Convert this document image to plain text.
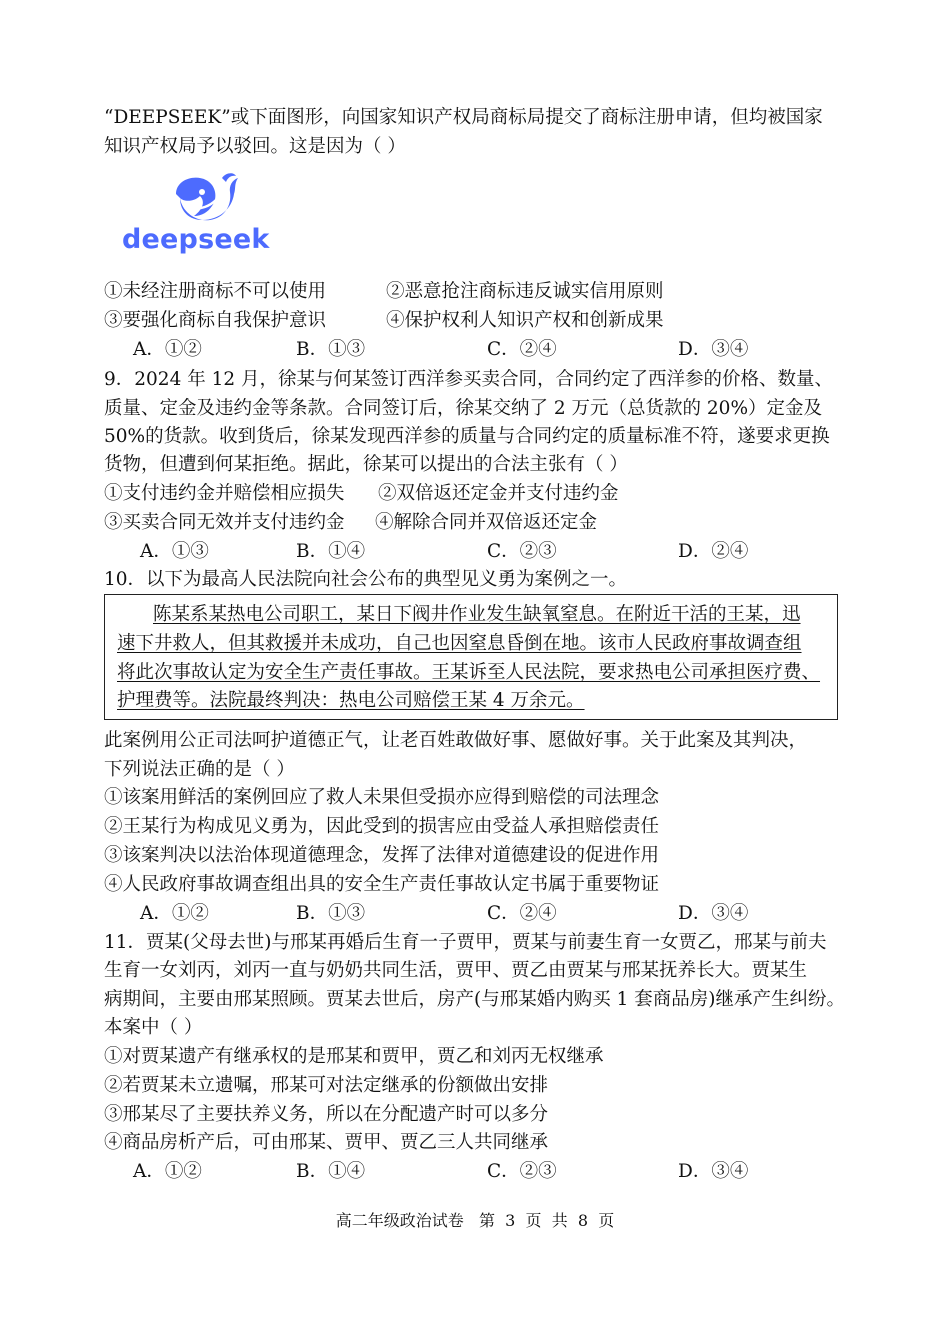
“DEEPSEEK”或下面图形，向国家知识产权局商标局提交了商标注册申请，但均被国家
知识产权局予以驳回。这是因为（ ）
deepseek
①未经注册商标不可以使用	②恶意抢注商标违反诚实信用原则
③要强化商标自我保护意识	④保护权利人知识产权和创新成果
A．①②	B．①③	C．②④	D．③④
9．2024 年 12 月，徐某与何某签订西洋参买卖合同，合同约定了西洋参的价格、数量、
质量、定金及违约金等条款。合同签订后，徐某交纳了 2 万元（总货款的 20%）定金及
50%的货款。收到货后，徐某发现西洋参的质量与合同约定的质量标准不符，遂要求更换
货物，但遭到何某拒绝。据此，徐某可以提出的合法主张有（ ）
①支付违约金并赔偿相应损失 ②双倍返还定金并支付违约金
③买卖合同无效并支付违约金 ④解除合同并双倍返还定金
A．①③	B．①④	C．②③	D．②④
10．以下为最高人民法院向社会公布的典型见义勇为案例之一。
陈某系某热电公司职工，某日下阀井作业发生缺氧窒息。在附近干活的王某，迅
速下井救人，但其救援并未成功，自己也因窒息昏倒在地。该市人民政府事故调查组
将此次事故认定为安全生产责任事故。王某诉至人民法院，要求热电公司承担医疗费、
护理费等。法院最终判决：热电公司赔偿王某 4 万余元。
此案例用公正司法呵护道德正气，让老百姓敢做好事、愿做好事。关于此案及其判决，
下列说法正确的是（ ）
①该案用鲜活的案例回应了救人未果但受损亦应得到赔偿的司法理念
②王某行为构成见义勇为，因此受到的损害应由受益人承担赔偿责任
③该案判决以法治体现道德理念，发挥了法律对道德建设的促进作用
④人民政府事故调查组出具的安全生产责任事故认定书属于重要物证
A．①②	B．①③	C．②④	D．③④
11．贾某(父母去世)与邢某再婚后生育一子贾甲，贾某与前妻生育一女贾乙，邢某与前夫
生育一女刘丙，刘丙一直与奶奶共同生活，贾甲、贾乙由贾某与邢某抚养长大。贾某生
病期间，主要由邢某照顾。贾某去世后，房产(与邢某婚内购买 1 套商品房)继承产生纠纷。
本案中（ ）
①对贾某遗产有继承权的是邢某和贾甲，贾乙和刘丙无权继承
②若贾某未立遗嘱，邢某可对法定继承的份额做出安排
③邢某尽了主要扶养义务，所以在分配遗产时可以多分
④商品房析产后，可由邢某、贾甲、贾乙三人共同继承
A．①②	B．①④	C．②③	D．③④
高二年级政治试卷   第  3  页  共  8  页
